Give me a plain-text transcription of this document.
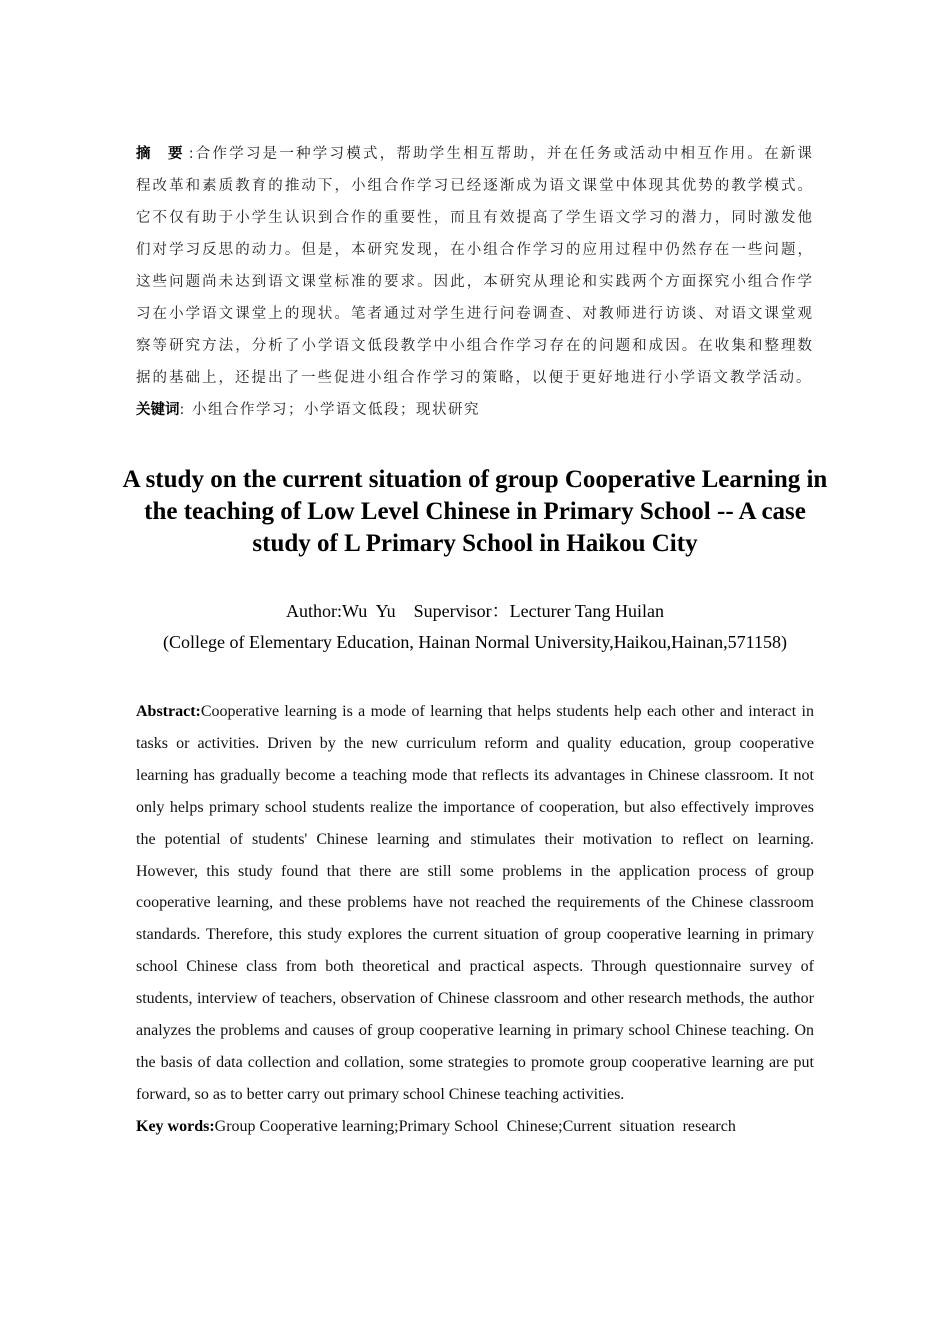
摘 要:合作学习是一种学习模式，帮助学生相互帮助，并在任务或活动中相互作用。在新课程改革和素质教育的推动下，小组合作学习已经逐渐成为语文课堂中体现其优势的教学模式。它不仅有助于小学生认识到合作的重要性，而且有效提高了学生语文学习的潜力，同时激发他们对学习反思的动力。但是，本研究发现，在小组合作学习的应用过程中仍然存在一些问题，这些问题尚未达到语文课堂标准的要求。因此，本研究从理论和实践两个方面探究小组合作学习在小学语文课堂上的现状。笔者通过对学生进行问卷调查、对教师进行访谈、对语文课堂观察等研究方法，分析了小学语文低段教学中小组合作学习存在的问题和成因。在收集和整理数据的基础上，还提出了一些促进小组合作学习的策略，以便于更好地进行小学语文教学活动。

关键词: 小组合作学习；小学语文低段；现状研究

A study on the current situation of group Cooperative Learning in the teaching of Low Level Chinese in Primary School -- A case study of L Primary School in Haikou City

Author:Wu  Yu    Supervisor：Lecturer Tang Huilan

(College of Elementary Education, Hainan Normal University,Haikou,Hainan,571158)

Abstract:Cooperative learning is a mode of learning that helps students help each other and interact in tasks or activities. Driven by the new curriculum reform and quality education, group cooperative learning has gradually become a teaching mode that reflects its advantages in Chinese classroom. It not only helps primary school students realize the importance of cooperation, but also effectively improves the potential of students' Chinese learning and stimulates their motivation to reflect on learning. However, this study found that there are still some problems in the application process of group cooperative learning, and these problems have not reached the requirements of the Chinese classroom standards. Therefore, this study explores the current situation of group cooperative learning in primary school Chinese class from both theoretical and practical aspects. Through questionnaire survey of students, interview of teachers, observation of Chinese classroom and other research methods, the author analyzes the problems and causes of group cooperative learning in primary school Chinese teaching. On the basis of data collection and collation, some strategies to promote group cooperative learning are put forward, so as to better carry out primary school Chinese teaching activities.

Key words:Group Cooperative learning;Primary School  Chinese;Current  situation  research
